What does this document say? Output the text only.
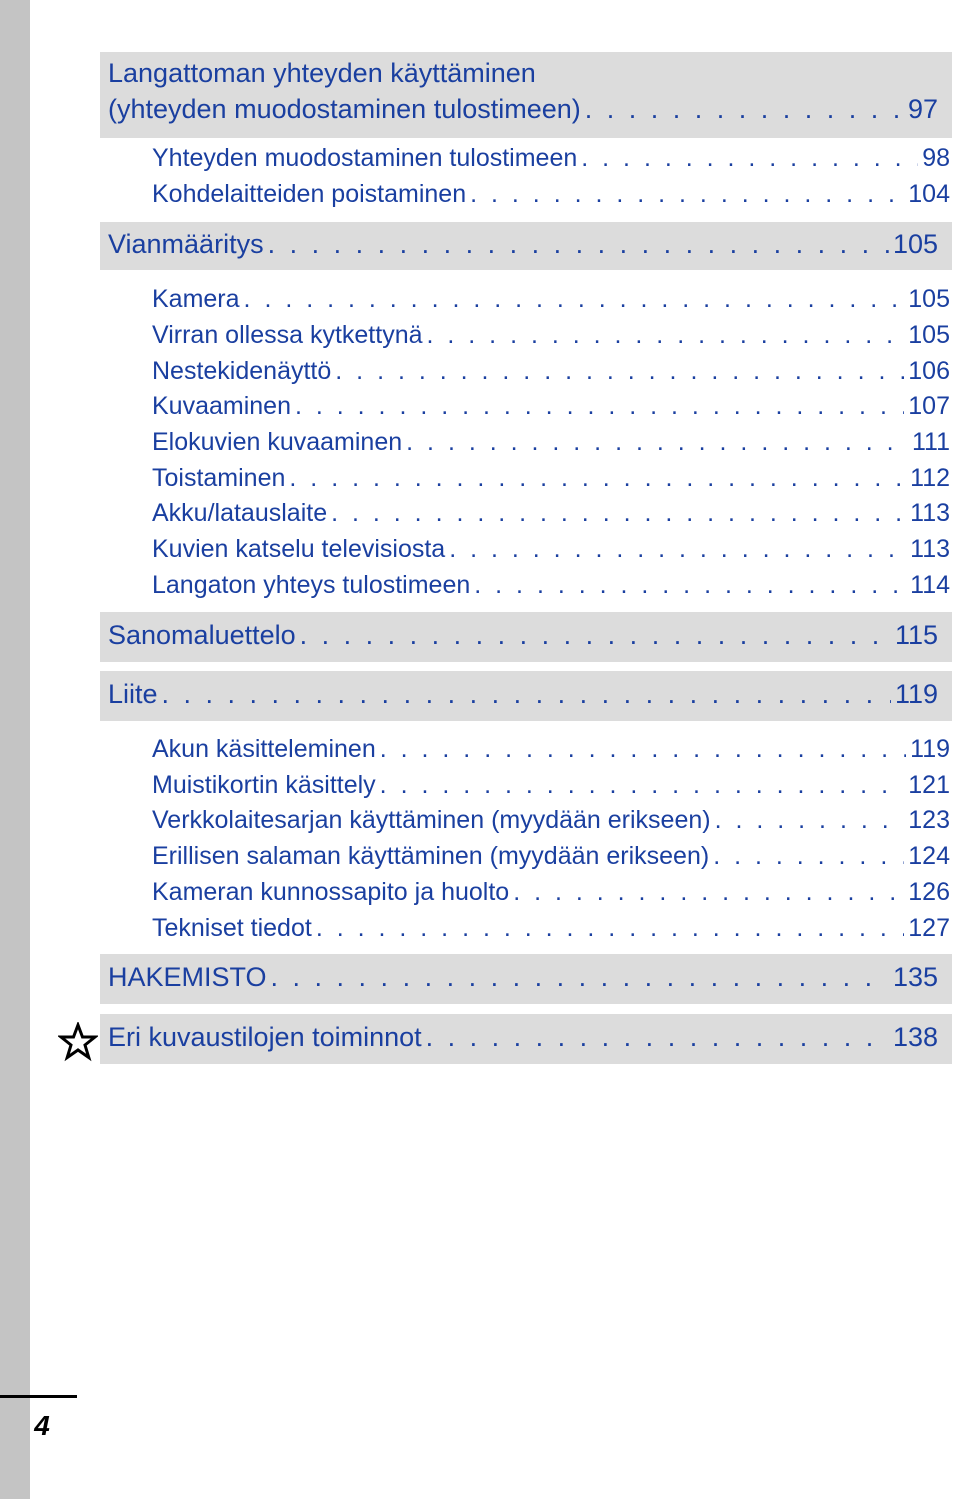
Langattoman yhteyden käyttäminen
(yhteyden muodostaminen tulostimeen) . . .	97
Yhteyden muodostaminen tulostimeen . . .	98
Kohdelaitteiden poistaminen . . .	104
Vianmääritys . . .	105
Kamera . . .	105
Virran ollessa kytkettynä . . .	105
Nestekidenäyttö . . .	106
Kuvaaminen . . .	107
Elokuvien kuvaaminen . . .	111
Toistaminen . . .	112
Akku/latauslaite . . .	113
Kuvien katselu televisiosta . . .	113
Langaton yhteys tulostimeen . . .	114
Sanomaluettelo . . .	115
Liite . . .	119
Akun käsitteleminen . . .	119
Muistikortin käsittely . . .	121
Verkkolaitesarjan käyttäminen (myydään erikseen) . . .	123
Erillisen salaman käyttäminen (myydään erikseen) . . .	124
Kameran kunnossapito ja huolto . . .	126
Tekniset tiedot . . .	127
HAKEMISTO . . .	135
Eri kuvaustilojen toiminnot . . .	138
4
